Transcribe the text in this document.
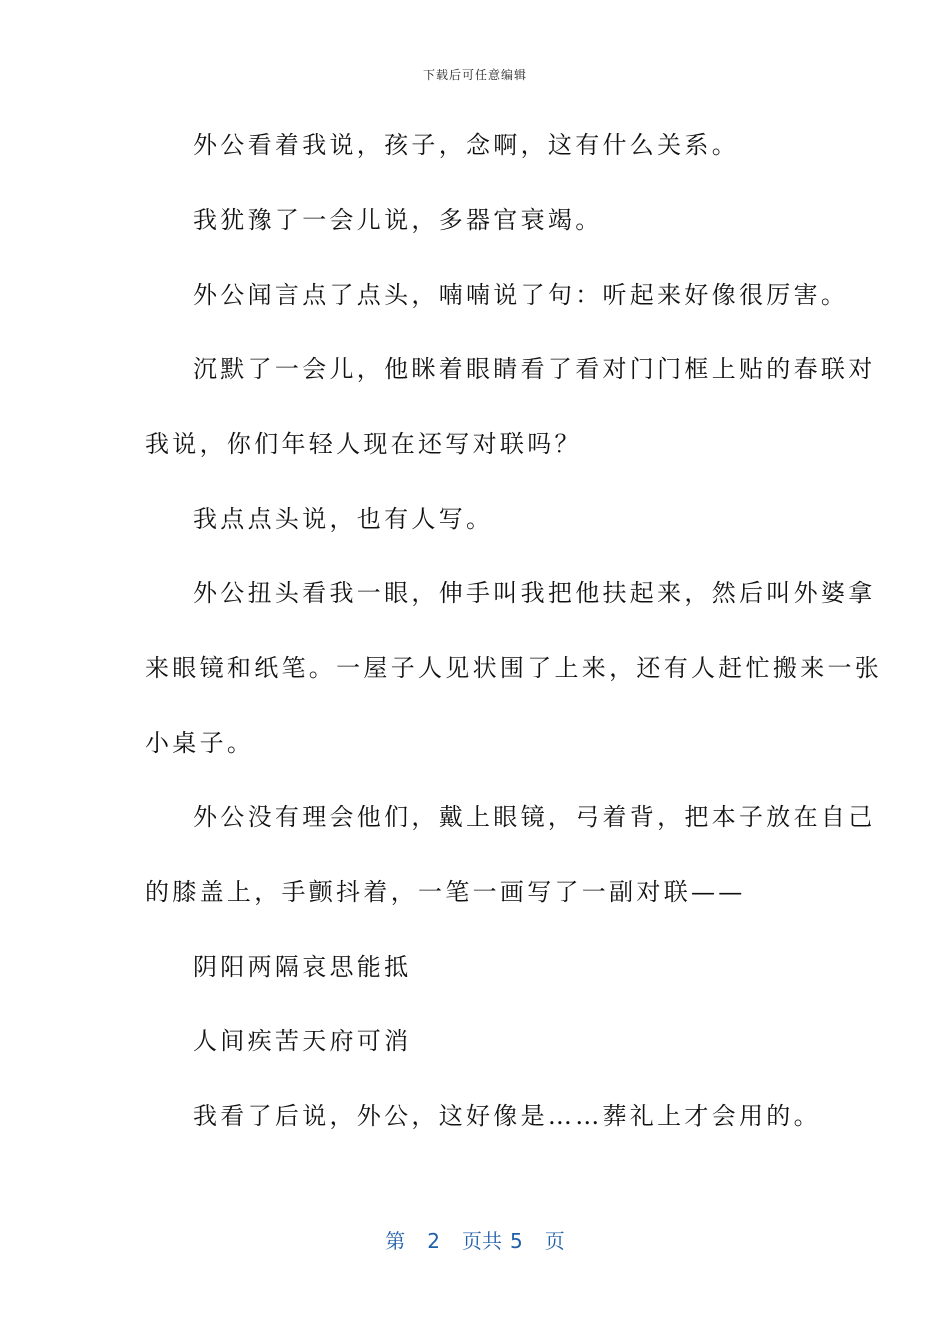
下载后可任意编辑
外公看着我说，孩子，念啊，这有什么关系。
我犹豫了一会儿说，多器官衰竭。
外公闻言点了点头，喃喃说了句：听起来好像很厉害。
沉默了一会儿，他眯着眼睛看了看对门门框上贴的春联对
我说，你们年轻人现在还写对联吗？
我点点头说，也有人写。
外公扭头看我一眼，伸手叫我把他扶起来，然后叫外婆拿
来眼镜和纸笔。一屋子人见状围了上来，还有人赶忙搬来一张
小桌子。
外公没有理会他们，戴上眼镜，弓着背，把本子放在自己
的膝盖上，手颤抖着，一笔一画写了一副对联——
阴阳两隔哀思能抵
人间疾苦天府可消
我看了后说，外公，这好像是……葬礼上才会用的。
第 2 页共 5 页
